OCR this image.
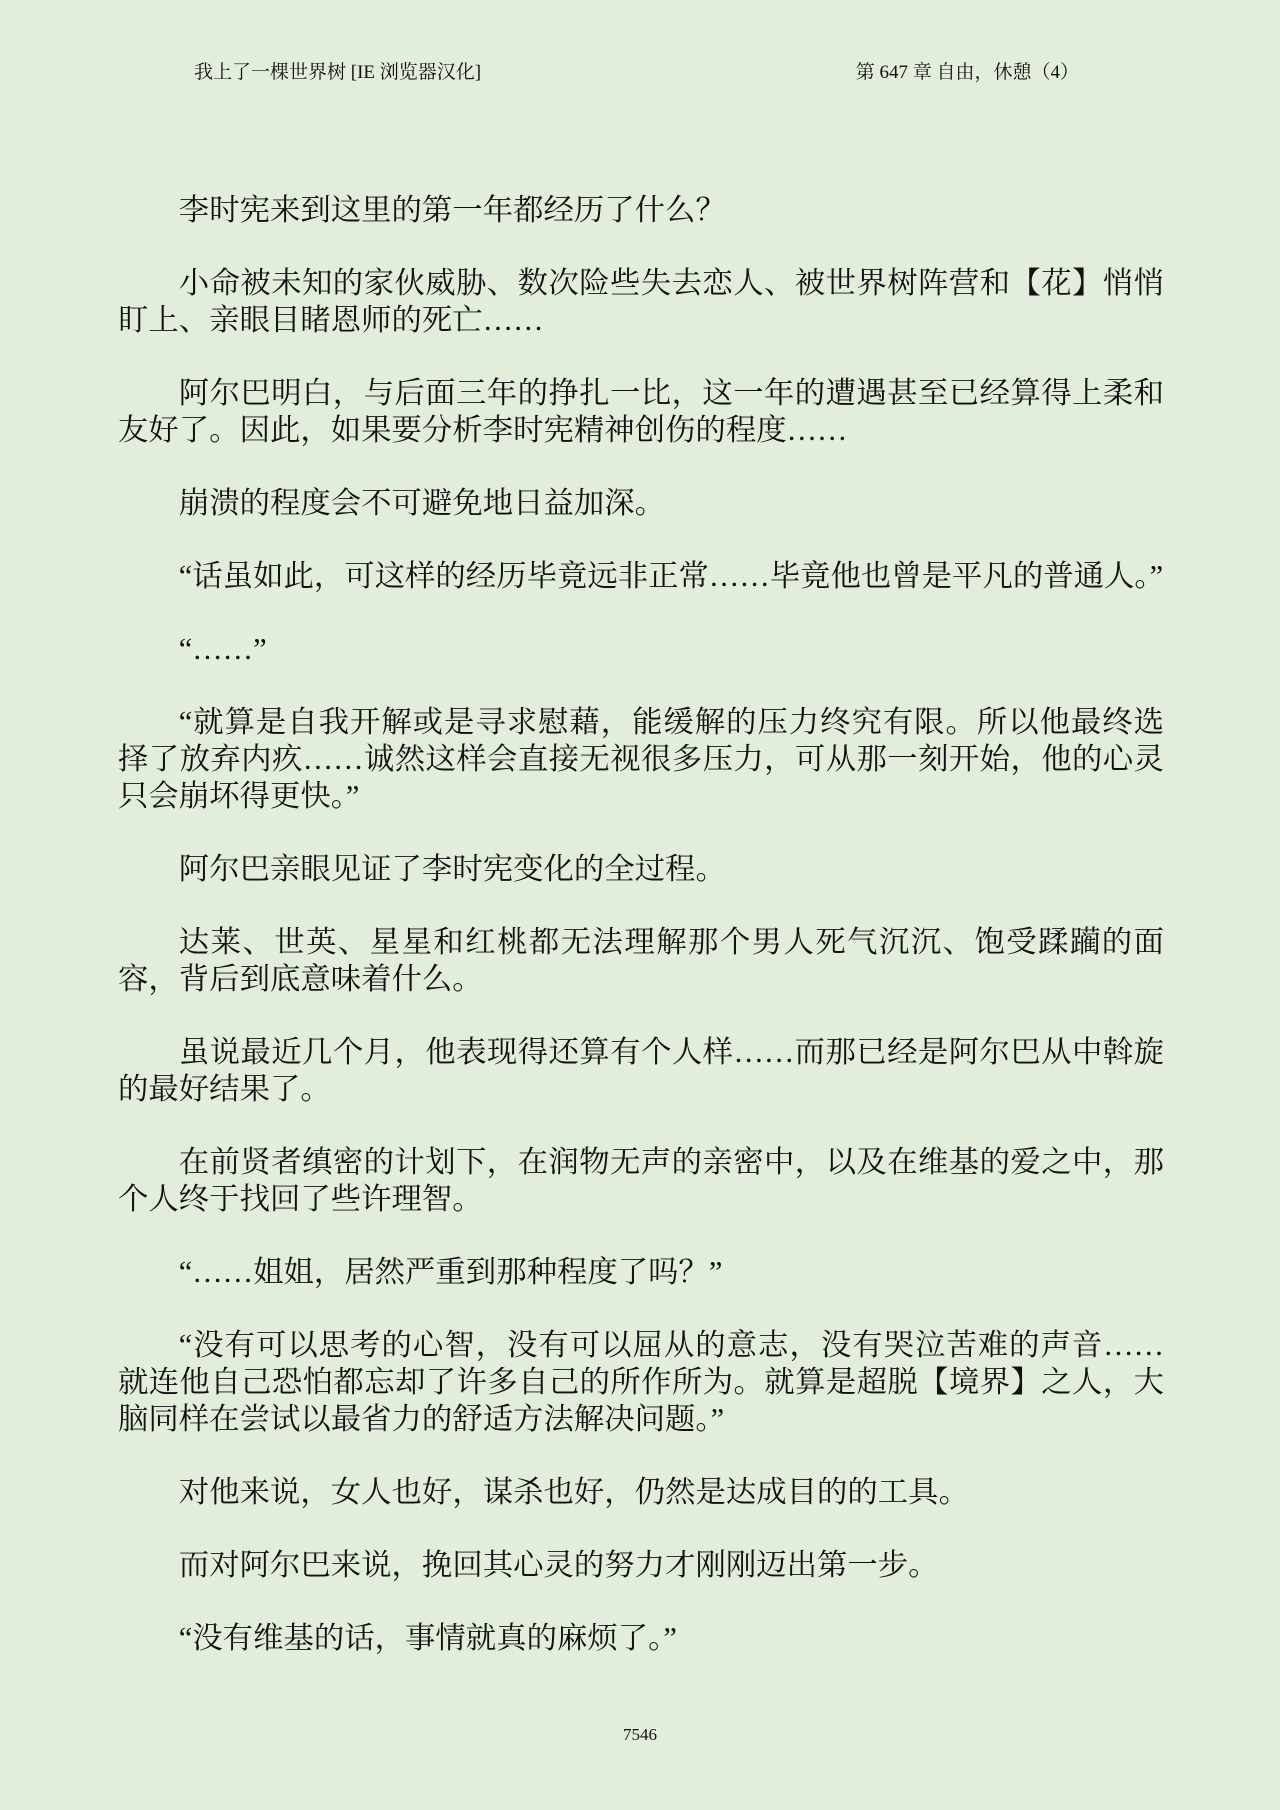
我上了一棵世界树 [IE 浏览器汉化]	第 647 章 自由，休憩（4）

李时宪来到这里的第一年都经历了什么？

小命被未知的家伙威胁、数次险些失去恋人、被世界树阵营和【花】悄悄盯上、亲眼目睹恩师的死亡……

阿尔巴明白，与后面三年的挣扎一比，这一年的遭遇甚至已经算得上柔和友好了。因此，如果要分析李时宪精神创伤的程度……

崩溃的程度会不可避免地日益加深。

“话虽如此，可这样的经历毕竟远非正常……毕竟他也曾是平凡的普通人。”

“……”

“就算是自我开解或是寻求慰藉，能缓解的压力终究有限。所以他最终选择了放弃内疚……诚然这样会直接无视很多压力，可从那一刻开始，他的心灵只会崩坏得更快。”

阿尔巴亲眼见证了李时宪变化的全过程。

达莱、世英、星星和红桃都无法理解那个男人死气沉沉、饱受蹂躏的面容，背后到底意味着什么。

虽说最近几个月，他表现得还算有个人样……而那已经是阿尔巴从中斡旋的最好结果了。

在前贤者缜密的计划下，在润物无声的亲密中，以及在维基的爱之中，那个人终于找回了些许理智。

“……姐姐，居然严重到那种程度了吗？”

“没有可以思考的心智，没有可以屈从的意志，没有哭泣苦难的声音……就连他自己恐怕都忘却了许多自己的所作所为。就算是超脱【境界】之人，大脑同样在尝试以最省力的舒适方法解决问题。”

对他来说，女人也好，谋杀也好，仍然是达成目的的工具。

而对阿尔巴来说，挽回其心灵的努力才刚刚迈出第一步。

“没有维基的话，事情就真的麻烦了。”

7546
